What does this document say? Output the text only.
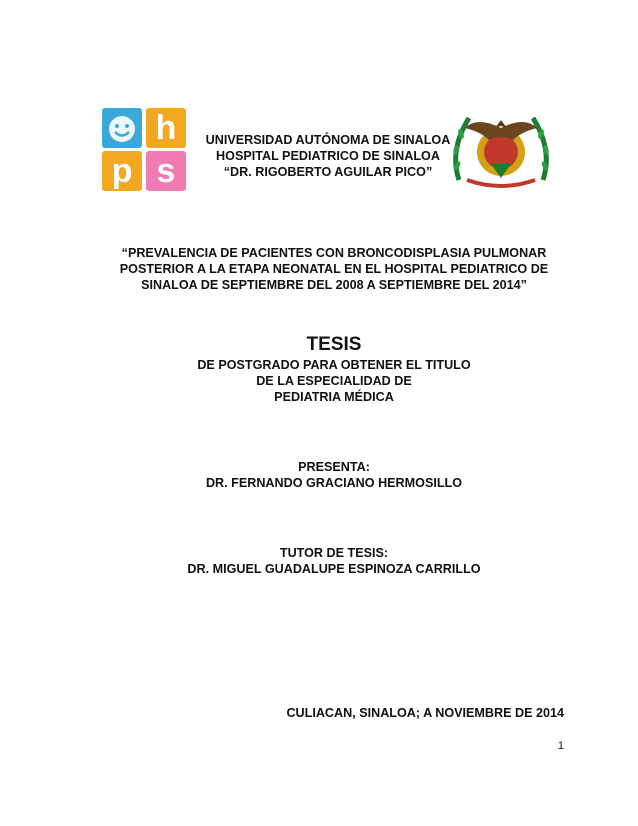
h
p s
UNIVERSIDAD AUTÓNOMA DE SINALOA
HOSPITAL PEDIATRICO DE SINALOA
“DR. RIGOBERTO AGUILAR PICO”
“PREVALENCIA DE PACIENTES CON BRONCODISPLASIA PULMONAR
POSTERIOR A LA ETAPA NEONATAL EN EL HOSPITAL PEDIATRICO DE
SINALOA DE SEPTIEMBRE DEL 2008 A SEPTIEMBRE DEL 2014”
TESIS
DE POSTGRADO PARA OBTENER EL TITULO
DE LA ESPECIALIDAD DE
PEDIATRIA MÉDICA
PRESENTA:
DR. FERNANDO GRACIANO HERMOSILLO
TUTOR DE TESIS:
DR. MIGUEL GUADALUPE ESPINOZA CARRILLO
CULIACAN, SINALOA; A NOVIEMBRE DE 2014
1
